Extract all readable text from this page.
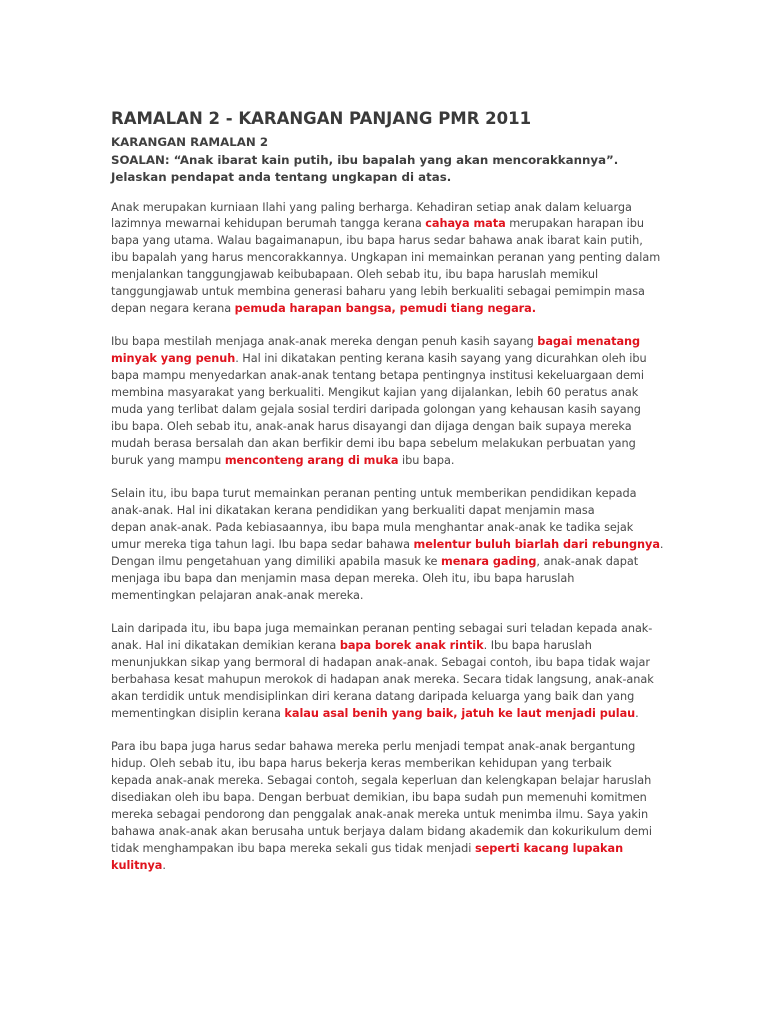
RAMALAN 2 - KARANGAN PANJANG PMR 2011
KARANGAN RAMALAN 2
SOALAN: “Anak ibarat kain putih, ibu bapalah yang akan mencorakkannya”.
Jelaskan pendapat anda tentang ungkapan di atas.

Anak merupakan kurniaan Ilahi yang paling berharga. Kehadiran setiap anak dalam keluarga
lazimnya mewarnai kehidupan berumah tangga kerana cahaya mata merupakan harapan ibu
bapa yang utama. Walau bagaimanapun, ibu bapa harus sedar bahawa anak ibarat kain putih,
ibu bapalah yang harus mencorakkannya. Ungkapan ini memainkan peranan yang penting dalam
menjalankan tanggungjawab keibubapaan. Oleh sebab itu, ibu bapa haruslah memikul
tanggungjawab untuk membina generasi baharu yang lebih berkualiti sebagai pemimpin masa
depan negara kerana pemuda harapan bangsa, pemudi tiang negara.

Ibu bapa mestilah menjaga anak-anak mereka dengan penuh kasih sayang bagai menatang
minyak yang penuh. Hal ini dikatakan penting kerana kasih sayang yang dicurahkan oleh ibu
bapa mampu menyedarkan anak-anak tentang betapa pentingnya institusi kekeluargaan demi
membina masyarakat yang berkualiti. Mengikut kajian yang dijalankan, lebih 60 peratus anak
muda yang terlibat dalam gejala sosial terdiri daripada golongan yang kehausan kasih sayang
ibu bapa. Oleh sebab itu, anak-anak harus disayangi dan dijaga dengan baik supaya mereka
mudah berasa bersalah dan akan berfikir demi ibu bapa sebelum melakukan perbuatan yang
buruk yang mampu menconteng arang di muka ibu bapa.

Selain itu, ibu bapa turut memainkan peranan penting untuk memberikan pendidikan kepada
anak-anak. Hal ini dikatakan kerana pendidikan yang berkualiti dapat menjamin masa
depan anak-anak. Pada kebiasaannya, ibu bapa mula menghantar anak-anak ke tadika sejak
umur mereka tiga tahun lagi. Ibu bapa sedar bahawa melentur buluh biarlah dari rebungnya.
Dengan ilmu pengetahuan yang dimiliki apabila masuk ke menara gading, anak-anak dapat
menjaga ibu bapa dan menjamin masa depan mereka. Oleh itu, ibu bapa haruslah
mementingkan pelajaran anak-anak mereka.

Lain daripada itu, ibu bapa juga memainkan peranan penting sebagai suri teladan kepada anak-
anak. Hal ini dikatakan demikian kerana bapa borek anak rintik. Ibu bapa haruslah
menunjukkan sikap yang bermoral di hadapan anak-anak. Sebagai contoh, ibu bapa tidak wajar
berbahasa kesat mahupun merokok di hadapan anak mereka. Secara tidak langsung, anak-anak
akan terdidik untuk mendisiplinkan diri kerana datang daripada keluarga yang baik dan yang
mementingkan disiplin kerana kalau asal benih yang baik, jatuh ke laut menjadi pulau.

Para ibu bapa juga harus sedar bahawa mereka perlu menjadi tempat anak-anak bergantung
hidup. Oleh sebab itu, ibu bapa harus bekerja keras memberikan kehidupan yang terbaik
kepada anak-anak mereka. Sebagai contoh, segala keperluan dan kelengkapan belajar haruslah
disediakan oleh ibu bapa. Dengan berbuat demikian, ibu bapa sudah pun memenuhi komitmen
mereka sebagai pendorong dan penggalak anak-anak mereka untuk menimba ilmu. Saya yakin
bahawa anak-anak akan berusaha untuk berjaya dalam bidang akademik dan kokurikulum demi
tidak menghampakan ibu bapa mereka sekali gus tidak menjadi seperti kacang lupakan
kulitnya.
